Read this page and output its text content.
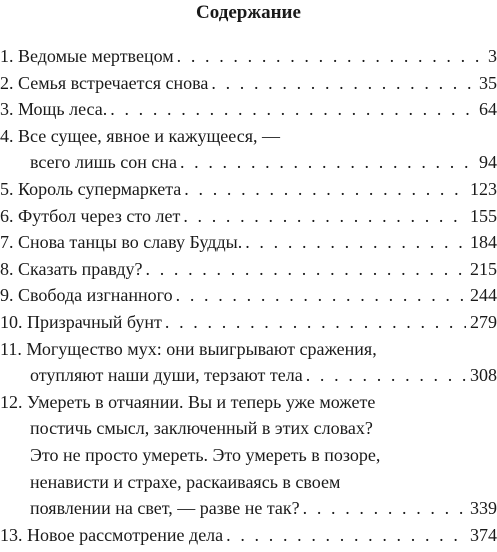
Содержание
1. Ведомые мертвецом . . .	3
2. Семья встречается снова . . .	35
3. Мощь леса. . . .	64
4. Все сущее, явное и кажущееся, —
всего лишь сон сна . . .	94
5. Король супермаркета . . .	123
6. Футбол через сто лет . . .	155
7. Снова танцы во славу Будды. . . .	184
8. Сказать правду? . . .	215
9. Свобода изгнанного . . .	244
10. Призрачный бунт . . .	279
11. Могущество мух: они выигрывают сражения,
отупляют наши души, терзают тела . . .	308
12. Умереть в отчаянии. Вы и теперь уже можете
постичь смысл, заключенный в этих словах?
Это не просто умереть. Это умереть в позоре,
ненависти и страхе, раскаиваясь в своем
появлении на свет, — разве не так? . . .	339
13. Новое рассмотрение дела . . .	374
